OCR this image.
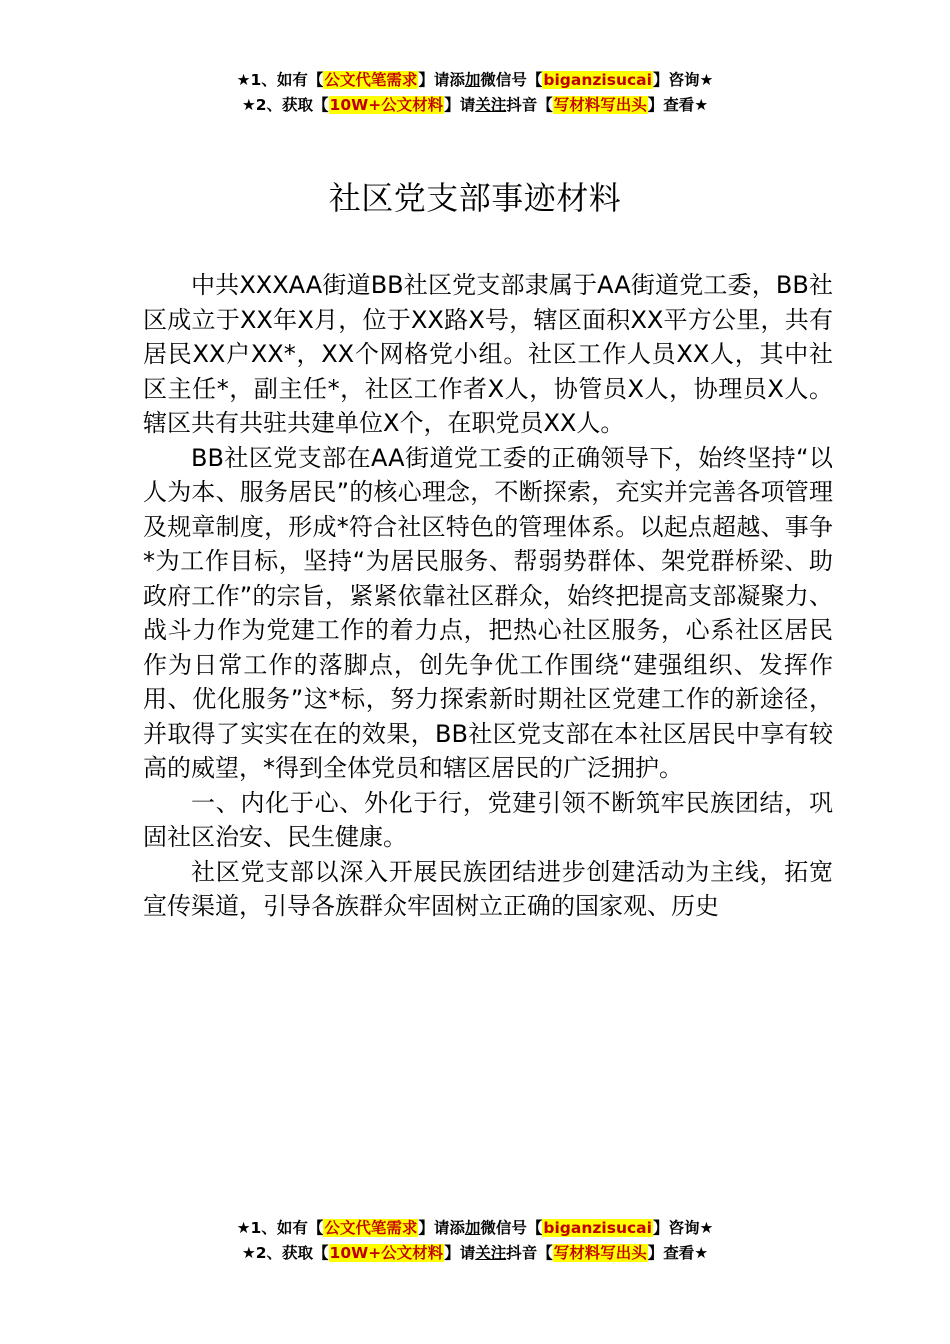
★1、如有【公文代笔需求】请添加微信号【biganzisucai】咨询★
★2、获取【10W+公文材料】请关注抖音【写材料写出头】查看★
社区党支部事迹材料

中共XXXAA街道BB社区党支部隶属于AA街道党工委，BB社区成立于XX年X月，位于XX路X号，辖区面积XX平方公里，共有居民XX户XX*，XX个网格党小组。社区工作人员XX人，其中社区主任*，副主任*，社区工作者X人，协管员X人，协理员X人。辖区共有共驻共建单位X个，在职党员XX人。

BB社区党支部在AA街道党工委的正确领导下，始终坚持“以人为本、服务居民”的核心理念，不断探索，充实并完善各项管理及规章制度，形成*符合社区特色的管理体系。以起点超越、事争*为工作目标，坚持“为居民服务、帮弱势群体、架党群桥梁、助政府工作”的宗旨，紧紧依靠社区群众，始终把提高支部凝聚力、战斗力作为党建工作的着力点，把热心社区服务，心系社区居民作为日常工作的落脚点，创先争优工作围绕“建强组织、发挥作用、优化服务”这*标，努力探索新时期社区党建工作的新途径，并取得了实实在在的效果，BB社区党支部在本社区居民中享有较高的威望，*得到全体党员和辖区居民的广泛拥护。

一、内化于心、外化于行，党建引领不断筑牢民族团结，巩固社区治安、民生健康。

社区党支部以深入开展民族团结进步创建活动为主线，拓宽宣传渠道，引导各族群众牢固树立正确的国家观、历史

★1、如有【公文代笔需求】请添加微信号【biganzisucai】咨询★
★2、获取【10W+公文材料】请关注抖音【写材料写出头】查看★
